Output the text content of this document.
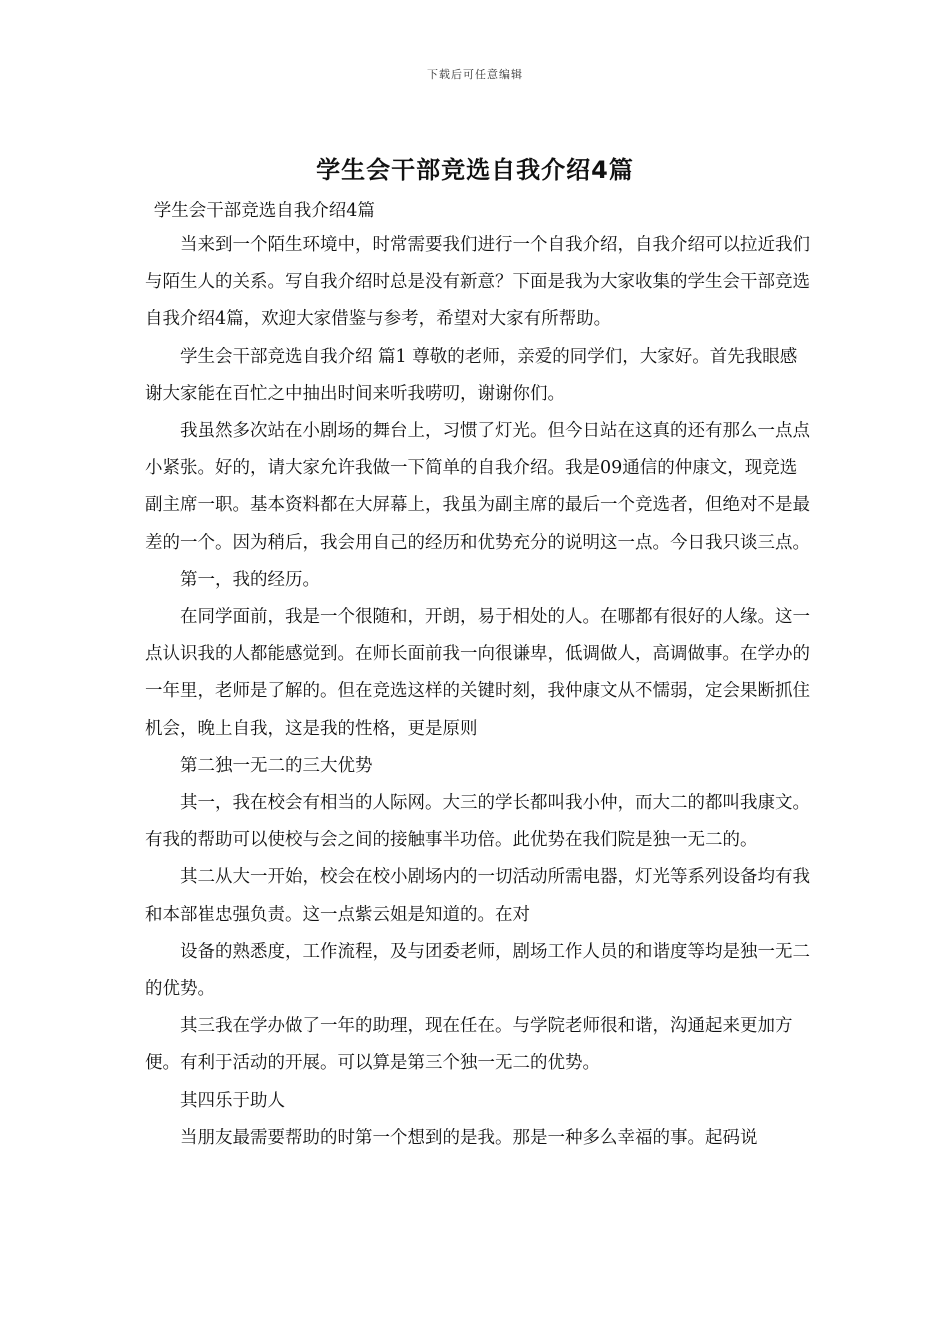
下载后可任意编辑
学生会干部竞选自我介绍4篇

学生会干部竞选自我介绍4篇

当来到一个陌生环境中，时常需要我们进行一个自我介绍，自我介绍可以拉近我们与陌生人的关系。写自我介绍时总是没有新意？下面是我为大家收集的学生会干部竞选自我介绍4篇，欢迎大家借鉴与参考，希望对大家有所帮助。

学生会干部竞选自我介绍 篇1 尊敬的老师，亲爱的同学们，大家好。首先我眼感谢大家能在百忙之中抽出时间来听我唠叨，谢谢你们。

我虽然多次站在小剧场的舞台上，习惯了灯光。但今日站在这真的还有那么一点点小紧张。好的，请大家允许我做一下简单的自我介绍。我是09通信的仲康文，现竞选副主席一职。基本资料都在大屏幕上，我虽为副主席的最后一个竞选者，但绝对不是最差的一个。因为稍后，我会用自己的经历和优势充分的说明这一点。今日我只谈三点。

第一，我的经历。

在同学面前，我是一个很随和，开朗，易于相处的人。在哪都有很好的人缘。这一点认识我的人都能感觉到。在师长面前我一向很谦卑，低调做人，高调做事。在学办的一年里，老师是了解的。但在竞选这样的关键时刻，我仲康文从不懦弱，定会果断抓住机会，晚上自我，这是我的性格，更是原则

第二独一无二的三大优势

其一，我在校会有相当的人际网。大三的学长都叫我小仲，而大二的都叫我康文。有我的帮助可以使校与会之间的接触事半功倍。此优势在我们院是独一无二的。

其二从大一开始，校会在校小剧场内的一切活动所需电器，灯光等系列设备均有我和本部崔忠强负责。这一点紫云姐是知道的。在对

设备的熟悉度，工作流程，及与团委老师，剧场工作人员的和谐度等均是独一无二的优势。

其三我在学办做了一年的助理，现在任在。与学院老师很和谐，沟通起来更加方便。有利于活动的开展。可以算是第三个独一无二的优势。

其四乐于助人

当朋友最需要帮助的时第一个想到的是我。那是一种多么幸福的事。起码说
